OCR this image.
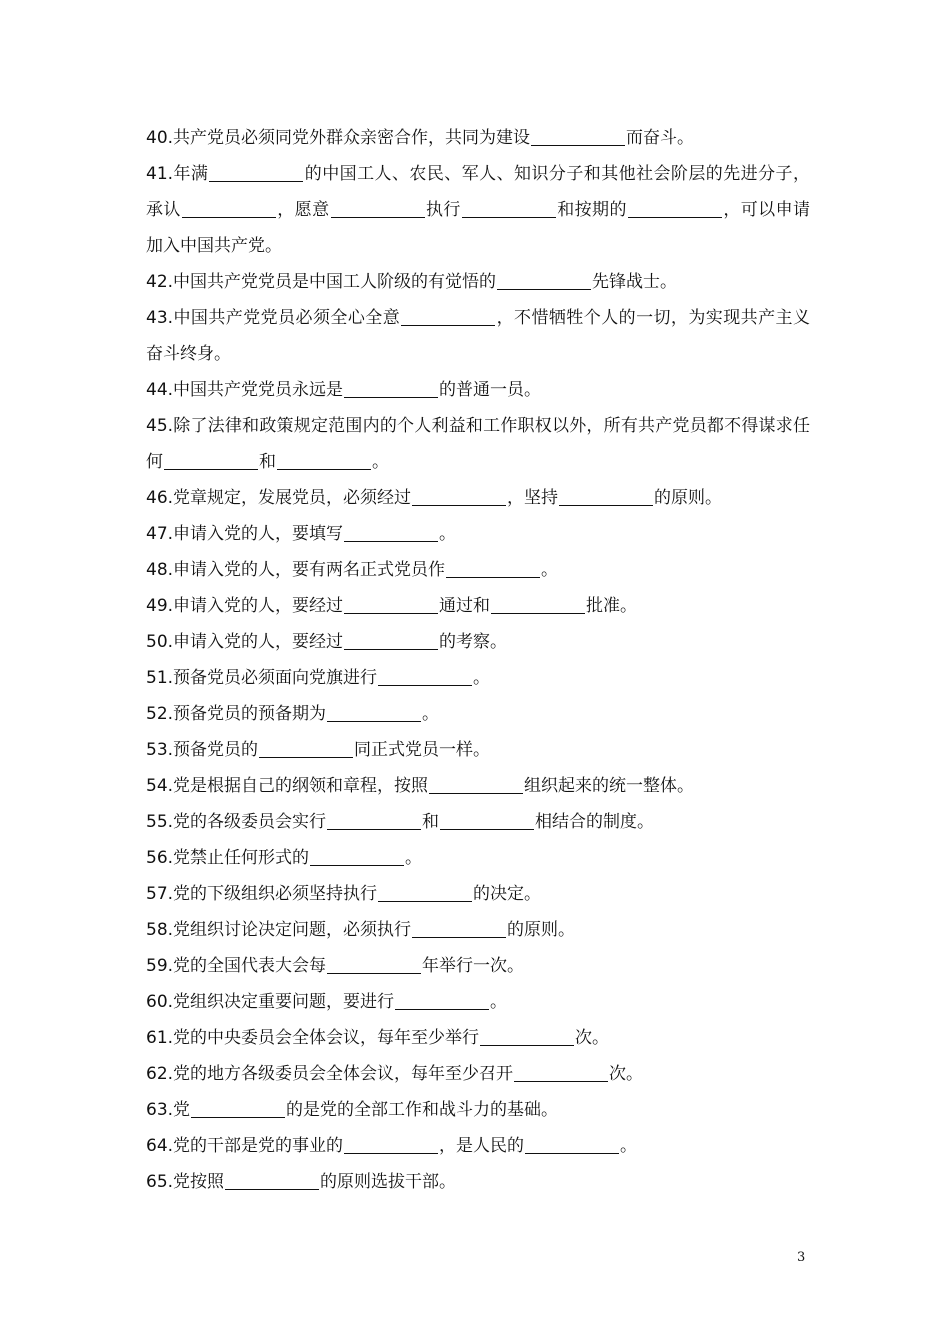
40.共产党员必须同党外群众亲密合作，共同为建设	而奋斗。

41.年满	的中国工人、农民、军人、知识分子和其他社会阶层的先进分子，承认	，愿意	执行	和按期的	，可以申请加入中国共产党。

42.中国共产党党员是中国工人阶级的有觉悟的	先锋战士。

43.中国共产党党员必须全心全意	，不惜牺牲个人的一切，为实现共产主义奋斗终身。

44.中国共产党党员永远是	的普通一员。

45.除了法律和政策规定范围内的个人利益和工作职权以外，所有共产党员都不得谋求任何	和	。

46.党章规定，发展党员，必须经过	，坚持	的原则。

47.申请入党的人，要填写	。

48.申请入党的人，要有两名正式党员作	。

49.申请入党的人，要经过	通过和	批准。

50.申请入党的人，要经过	的考察。

51.预备党员必须面向党旗进行	。

52.预备党员的预备期为	。

53.预备党员的	同正式党员一样。

54.党是根据自己的纲领和章程，按照	组织起来的统一整体。

55.党的各级委员会实行	和	相结合的制度。

56.党禁止任何形式的	。

57.党的下级组织必须坚持执行	的决定。

58.党组织讨论决定问题，必须执行	的原则。

59.党的全国代表大会每	年举行一次。

60.党组织决定重要问题，要进行	。

61.党的中央委员会全体会议，每年至少举行	次。

62.党的地方各级委员会全体会议，每年至少召开	次。

63.党	的是党的全部工作和战斗力的基础。

64.党的干部是党的事业的	，是人民的	。

65.党按照	的原则选拔干部。

3
